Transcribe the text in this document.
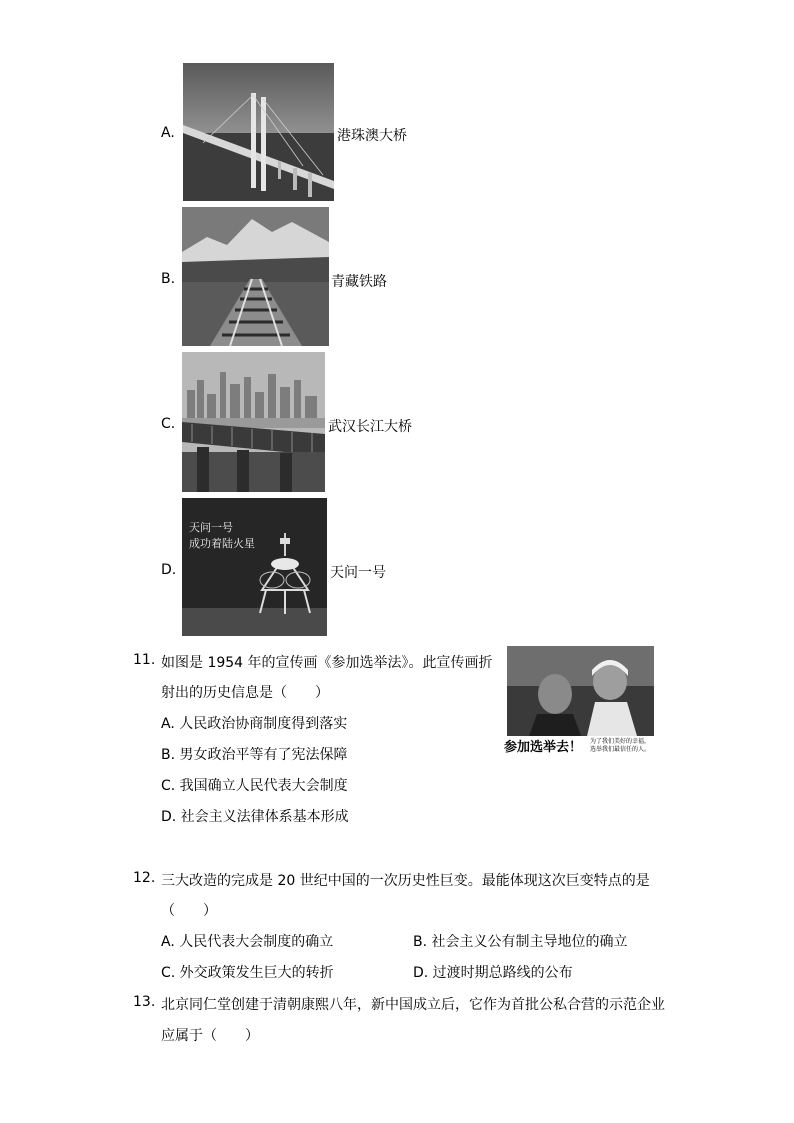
A.	港珠澳大桥
B.	青藏铁路
C.	武汉长江大桥
D.
天问一号
成功着陆火星
天问一号
11. 如图是 1954 年的宣传画《参加选举法》。此宣传画折
射出的历史信息是（　　）
A. 人民政治协商制度得到落实
B. 男女政治平等有了宪法保障
C. 我国确立人民代表大会制度
D. 社会主义法律体系基本形成
参加选举去！ 为了我们美好的幸福，
选举我们最信任的人。
12. 三大改造的完成是 20 世纪中国的一次历史性巨变。最能体现这次巨变特点的是
（　　）
A. 人民代表大会制度的确立	B. 社会主义公有制主导地位的确立
C. 外交政策发生巨大的转折	D. 过渡时期总路线的公布
13. 北京同仁堂创建于清朝康熙八年，新中国成立后，它作为首批公私合营的示范企业
应属于（　　）
